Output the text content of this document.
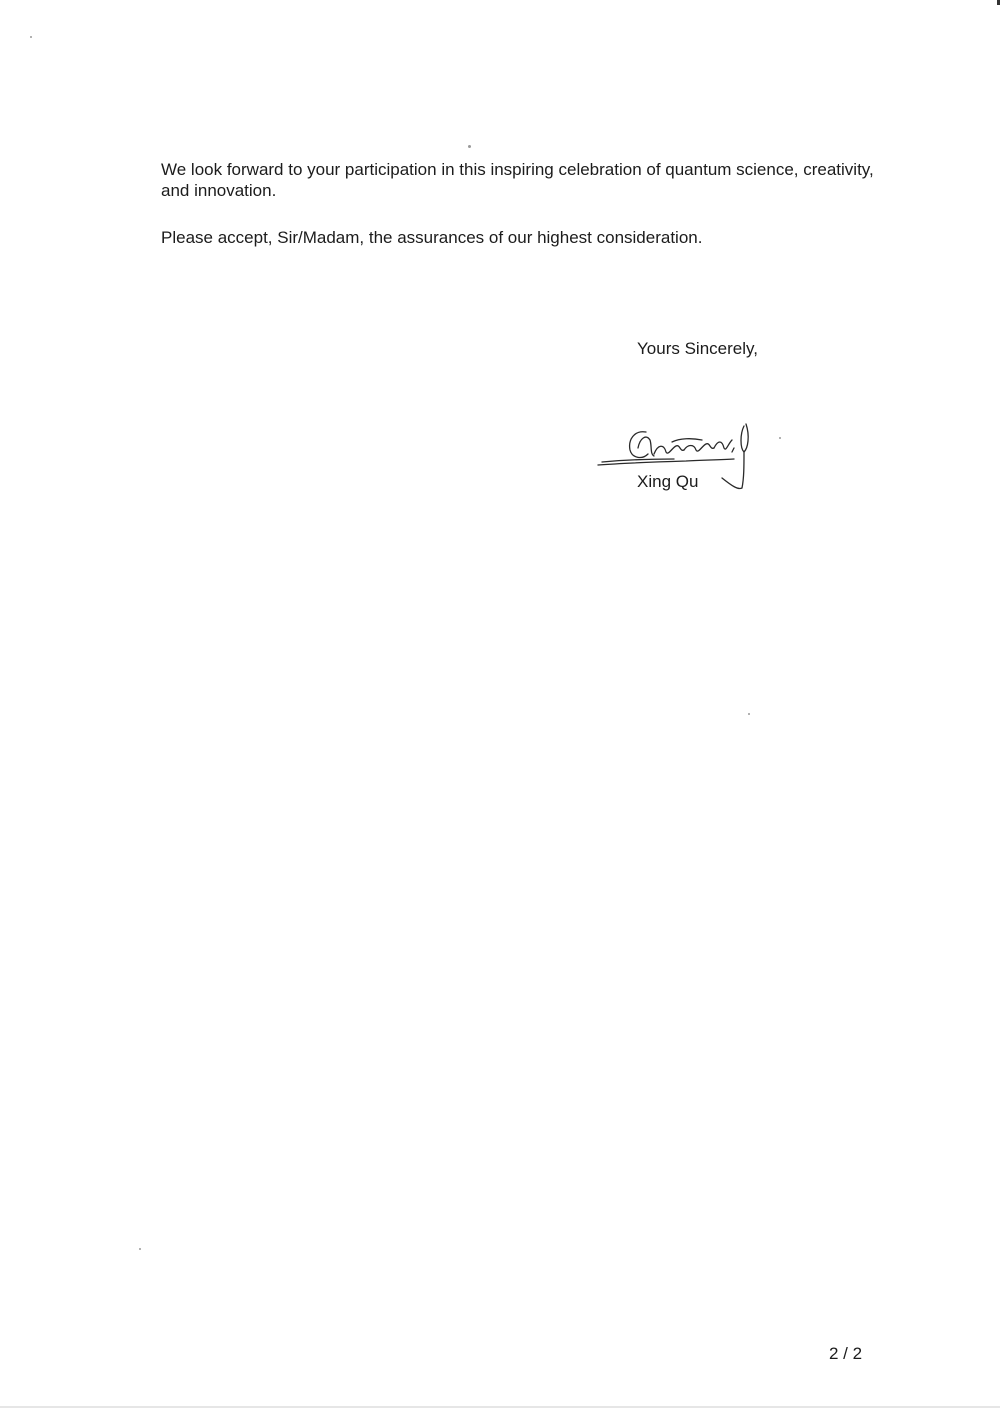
We look forward to your participation in this inspiring celebration of quantum science, creativity, and innovation.

Please accept, Sir/Madam, the assurances of our highest consideration.

Yours Sincerely,
Xing Qu
2 / 2
